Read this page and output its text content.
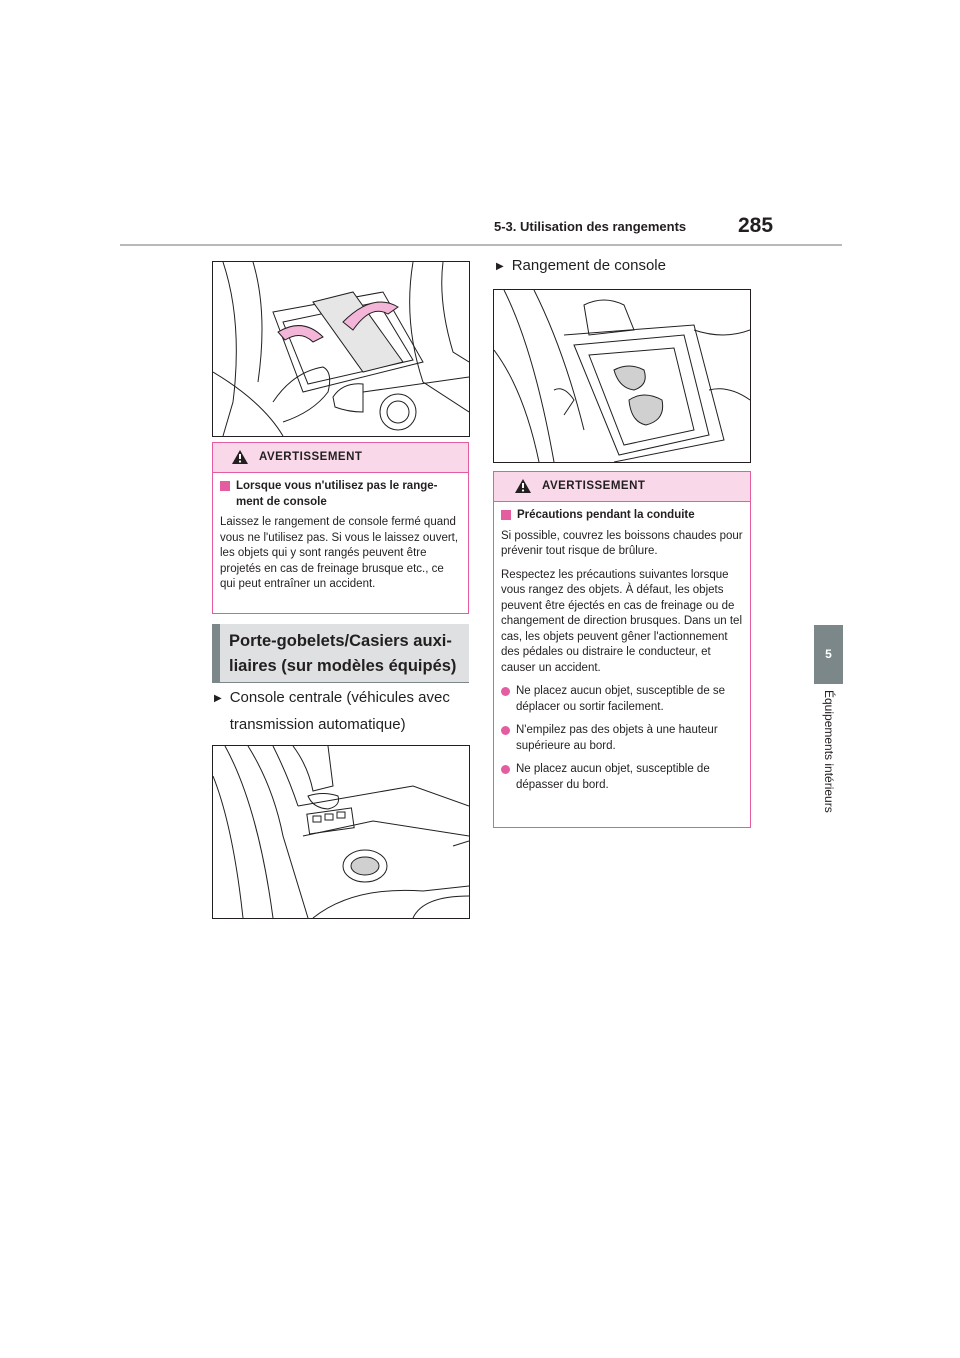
5-3. Utilisation des rangements 285
5
Équipements intérieurs
AVERTISSEMENT
Lorsque vous n'utilisez pas le range-ment de console
Laissez le rangement de console fermé quand vous ne l'utilisez pas. Si vous le laissez ouvert, les objets qui y sont rangés peuvent être projetés en cas de freinage brusque etc., ce qui peut entraîner un accident.
Porte-gobelets/Casiers auxi-
liaires (sur modèles équipés)
▶ Console centrale (véhicules avec
transmission automatique)
▶ Rangement de console
AVERTISSEMENT
Précautions pendant la conduite
Si possible, couvrez les boissons chaudes pour prévenir tout risque de brûlure.
Respectez les précautions suivantes lorsque vous rangez des objets. À défaut, les objets peuvent être éjectés en cas de freinage ou de changement de direction brusques. Dans un tel cas, les objets peuvent gêner l'actionnement des pédales ou distraire le conducteur, et causer un accident.
Ne placez aucun objet, susceptible de se déplacer ou sortir facilement.
N'empilez pas des objets à une hauteur supérieure au bord.
Ne placez aucun objet, susceptible de dépasser du bord.
